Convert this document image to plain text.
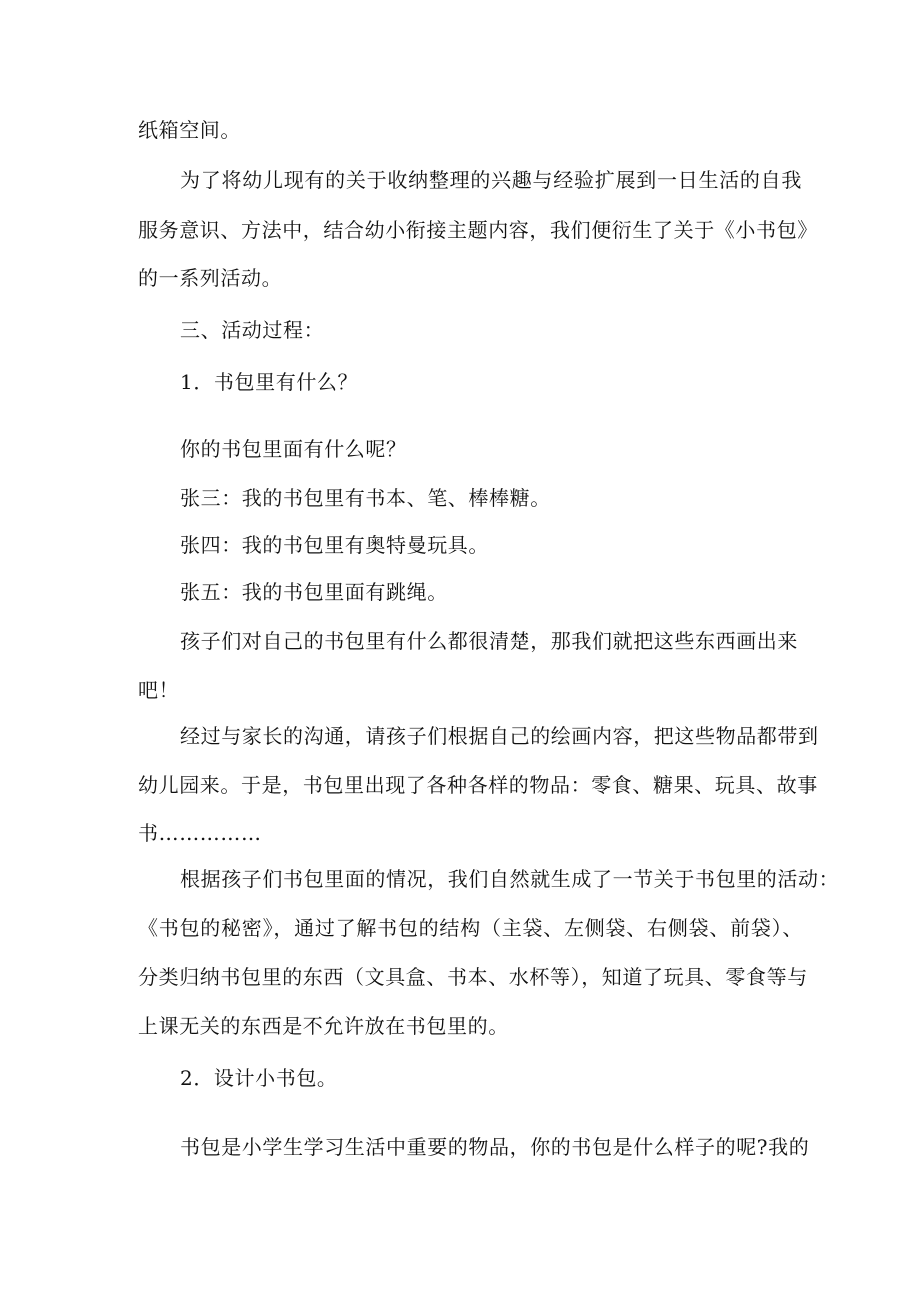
纸箱空间。
为了将幼儿现有的关于收纳整理的兴趣与经验扩展到一日生活的自我
服务意识、方法中，结合幼小衔接主题内容，我们便衍生了关于《小书包》
的一系列活动。
三、活动过程：
1．书包里有什么？
你的书包里面有什么呢？
张三：我的书包里有书本、笔、棒棒糖。
张四：我的书包里有奥特曼玩具。
张五：我的书包里面有跳绳。
孩子们对自己的书包里有什么都很清楚，那我们就把这些东西画出来
吧！
经过与家长的沟通，请孩子们根据自己的绘画内容，把这些物品都带到
幼儿园来。于是，书包里出现了各种各样的物品：零食、糖果、玩具、故事
书……………
根据孩子们书包里面的情况，我们自然就生成了一节关于书包里的活动：
《书包的秘密》，通过了解书包的结构（主袋、左侧袋、右侧袋、前袋）、
分类归纳书包里的东西（文具盒、书本、水杯等），知道了玩具、零食等与
上课无关的东西是不允许放在书包里的。
2．设计小书包。
书包是小学生学习生活中重要的物品，你的书包是什么样子的呢?我的
